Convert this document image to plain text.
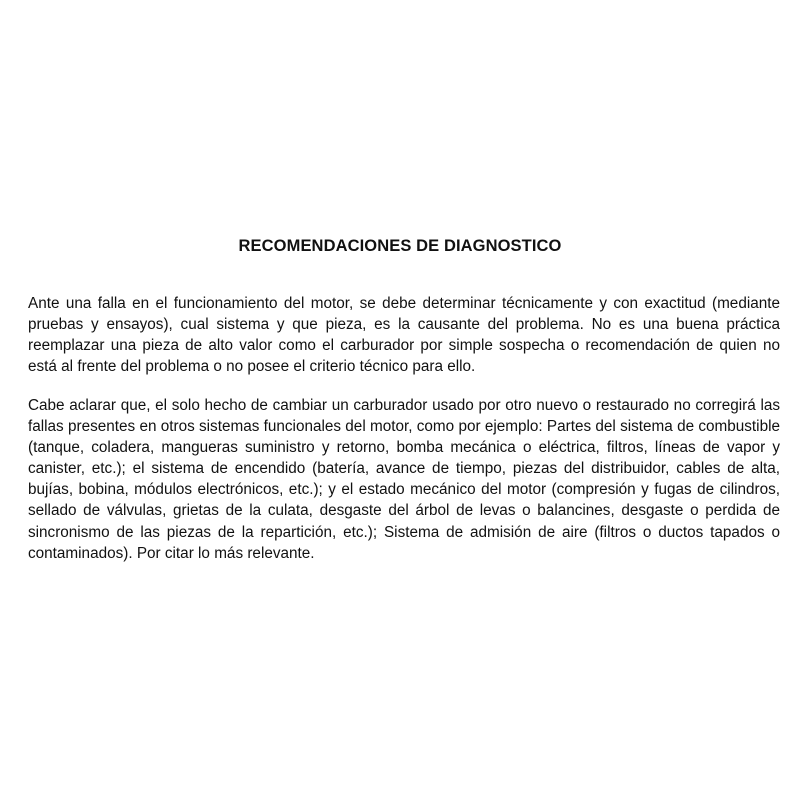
RECOMENDACIONES DE DIAGNOSTICO

Ante una falla en el funcionamiento del motor, se debe determinar técnicamente y con exactitud (mediante pruebas y ensayos), cual sistema y que pieza, es la causante del problema. No es una buena práctica reemplazar una pieza de alto valor como el carburador por simple sospecha o recomendación de quien no está al frente del problema o no posee el criterio técnico para ello.

Cabe aclarar que, el solo hecho de cambiar un carburador usado por otro nuevo o restaurado no corregirá las fallas presentes en otros sistemas funcionales del motor, como por ejemplo: Partes del sistema de combustible (tanque, coladera, mangueras suministro y retorno, bomba mecánica o eléctrica, filtros, líneas de vapor y canister, etc.); el sistema de encendido (batería, avance de tiempo, piezas del distribuidor, cables de alta, bujías, bobina, módulos electrónicos, etc.); y el estado mecánico del motor (compresión y fugas de cilindros, sellado de válvulas, grietas de la culata, desgaste del árbol de levas o balancines, desgaste o perdida de sincronismo de las piezas de la repartición, etc.); Sistema de admisión de aire (filtros o ductos tapados o contaminados). Por citar lo más relevante.
